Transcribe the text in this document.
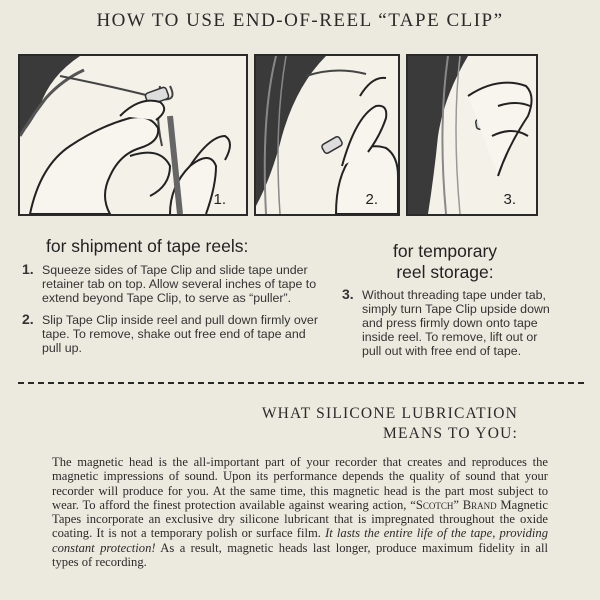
HOW TO USE END-OF-REEL “TAPE CLIP”
1.	2.	3.
for shipment of tape reels:
1. Squeeze sides of Tape Clip and slide tape under retainer tab on top. Allow several inches of tape to extend beyond Tape Clip, to serve as “puller”.
2. Slip Tape Clip inside reel and pull down firmly over tape. To remove, shake out free end of tape and pull up.
for temporary
reel storage:
3. Without threading tape under tab, simply turn Tape Clip upside down and press firmly down onto tape inside reel. To remove, lift out or pull out with free end of tape.
WHAT SILICONE LUBRICATION
MEANS TO YOU:
The magnetic head is the all-important part of your recorder that creates and reproduces the magnetic impressions of sound. Upon its performance depends the quality of sound that your recorder will produce for you. At the same time, this magnetic head is the part most subject to wear. To afford the finest protection available against wearing action, “Scotch” Brand Magnetic Tapes incorporate an exclusive dry silicone lubricant that is impregnated throughout the oxide coating. It is not a temporary polish or surface film. It lasts the entire life of the tape, providing constant protection! As a result, magnetic heads last longer, produce maximum fidelity in all types of recording.
